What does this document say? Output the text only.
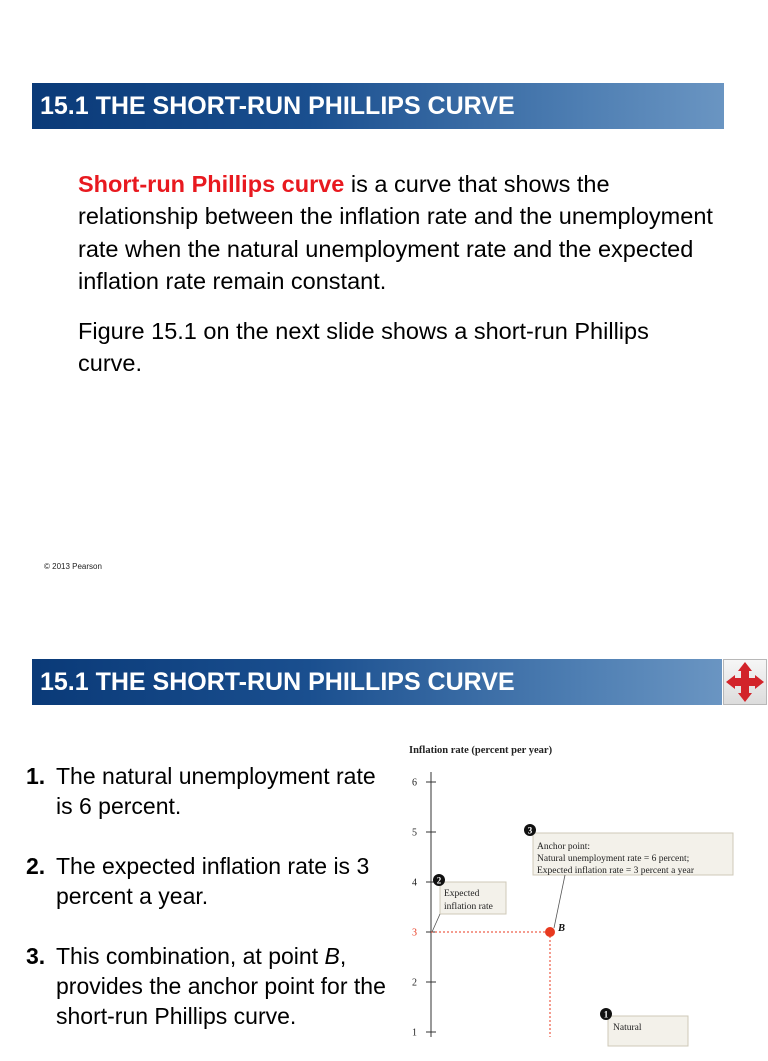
15.1 THE SHORT-RUN PHILLIPS CURVE

Short-run Phillips curve is a curve that shows the relationship between the inflation rate and the unemployment rate when the natural unemployment rate and the expected inflation rate remain constant.

Figure 15.1 on the next slide shows a short-run Phillips curve.

© 2013 Pearson
15.1 THE SHORT-RUN PHILLIPS CURVE
1. The natural unemployment rate is 6 percent.
2. The expected inflation rate is 3 percent a year.
3. This combination, at point B, provides the anchor point for the short-run Phillips curve.
Inflation rate (percent per year)
1
2
3
4
5
6
B
3
Anchor point:
Natural unemployment rate = 6 percent;
Expected inflation rate = 3 percent a year
2
Expected
inflation rate
1
Natural
